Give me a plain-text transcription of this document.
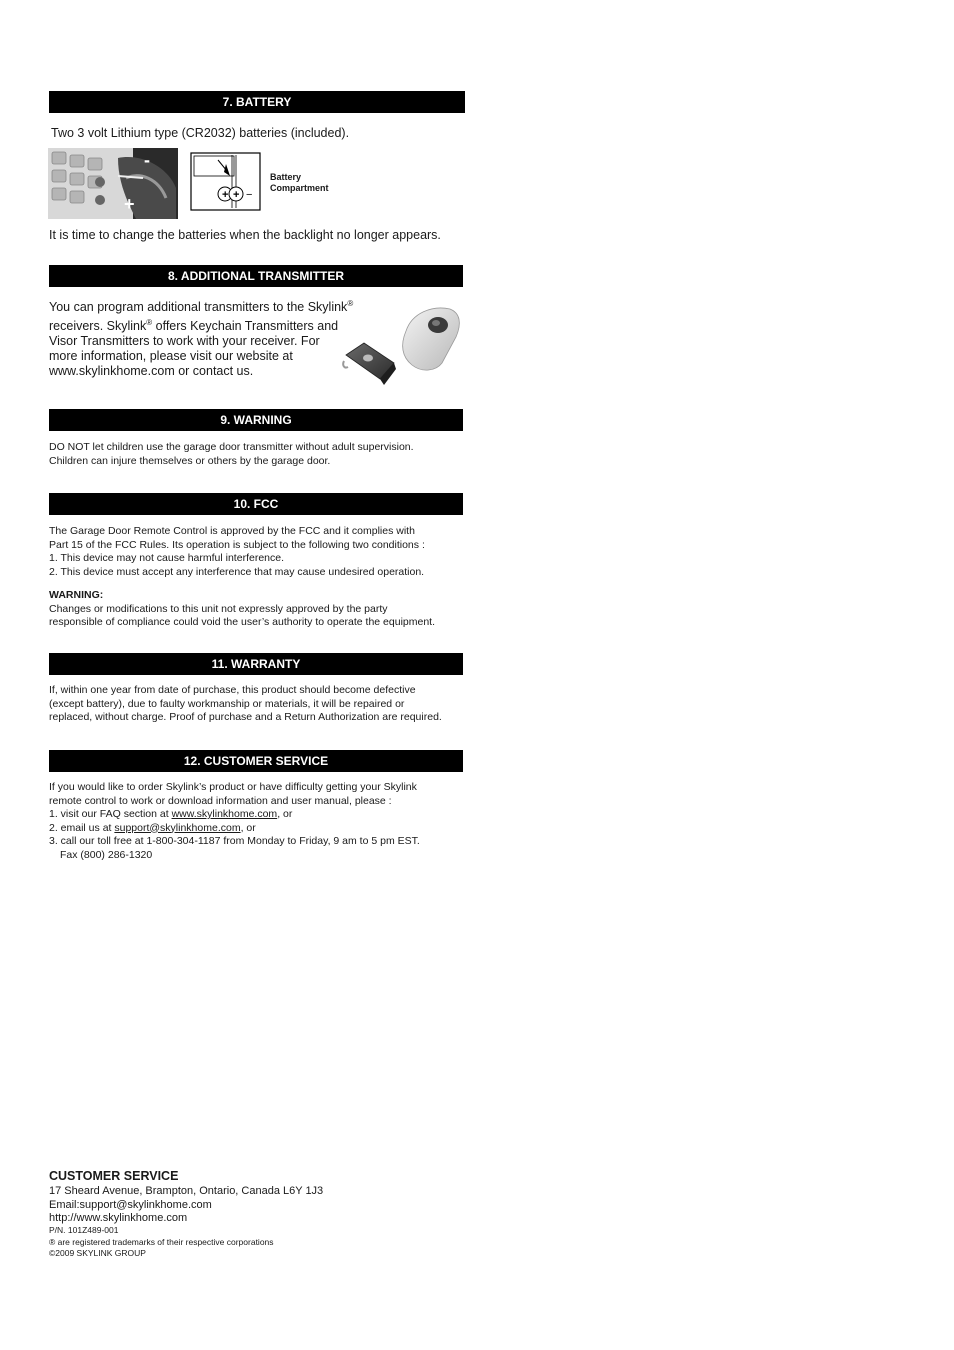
7. BATTERY
Two 3 volt Lithium type (CR2032) batteries (included).
-
+	+ + −

Battery

Compartment

It is time to change the batteries when the backlight no longer appears.
8. ADDITIONAL TRANSMITTER
You can program additional transmitters to the Skylink®
receivers. Skylink® offers Keychain Transmitters and
Visor Transmitters to work with your receiver. For
more information, please visit our website at
www.skylinkhome.com or contact us.
9. WARNING

DO NOT let children use the garage door transmitter without adult supervision.

Children can injure themselves or others by the garage door.

10. FCC

The Garage Door Remote Control is approved by the FCC and it complies with

Part 15 of the FCC Rules. Its operation is subject to the following two conditions :

1. This device may not cause harmful interference.

2. This device must accept any interference that may cause undesired operation.

WARNING:

Changes or modifications to this unit not expressly approved by the party

responsible of compliance could void the user’s authority to operate the equipment.

11. WARRANTY

If, within one year from date of purchase, this product should become defective

(except battery), due to faulty workmanship or materials, it will be repaired or

replaced, without charge. Proof of purchase and a Return Authorization are required.

12. CUSTOMER SERVICE

If you would like to order Skylink’s product or have difficulty getting your Skylink

remote control to work or download information and user manual, please :

1. visit our FAQ section at www.skylinkhome.com, or

2. email us at support@skylinkhome.com, or

3. call our toll free at 1-800-304-1187 from Monday to Friday, 9 am to 5 pm EST.

Fax (800) 286-1320

CUSTOMER SERVICE

17 Sheard Avenue, Brampton, Ontario, Canada L6Y 1J3

Email:support@skylinkhome.com

http://www.skylinkhome.com

P/N. 101Z489-001

® are registered trademarks of their respective corporations

©2009 SKYLINK GROUP
